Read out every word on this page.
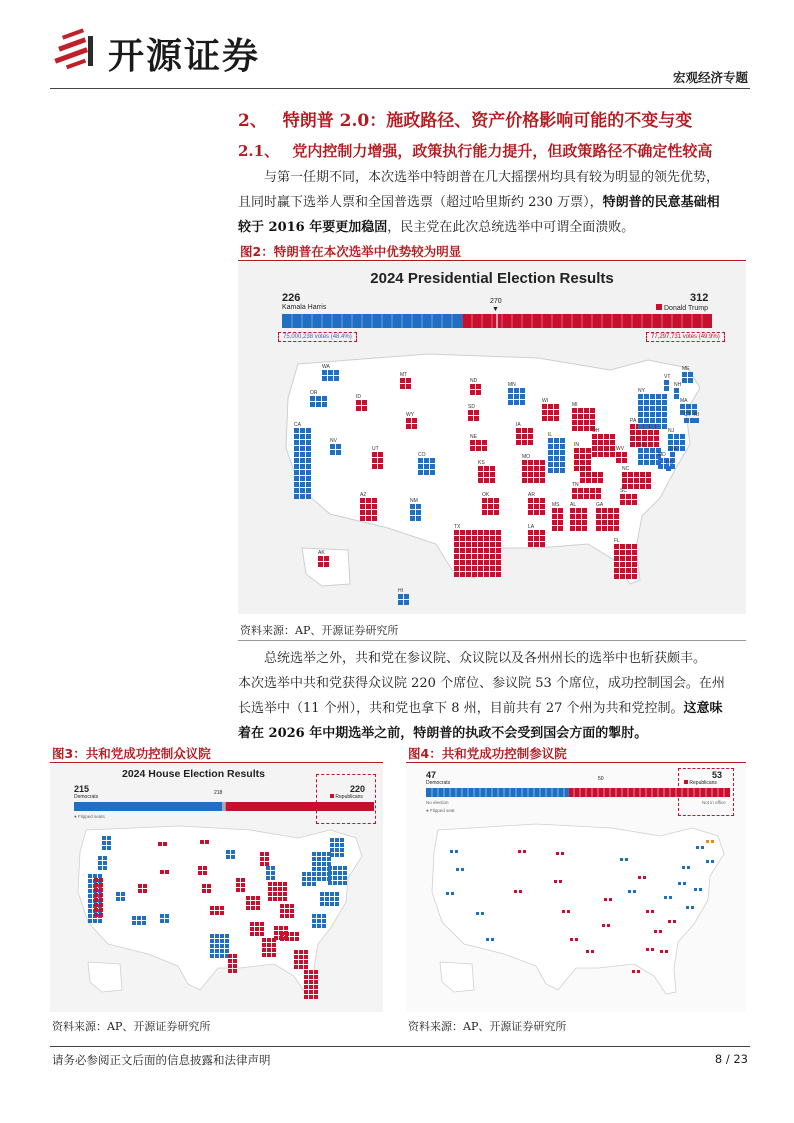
开源证券
宏观经济专题
2、 特朗普 2.0：施政路径、资产价格影响可能的不变与变
2.1、 党内控制力增强，政策执行能力提升，但政策路径不确定性较高
与第一任期不同，本次选举中特朗普在几大摇摆州均具有较为明显的领先优势，
且同时赢下选举人票和全国普选票（超过哈里斯约 230 万票），特朗普的民意基础相
较于 2016 年要更加稳固，民主党在此次总统选举中可谓全面溃败。
图2：特朗普在本次选举中优势较为明显
2024 Presidential Election Results
226
Kamala Harris
270
▼
312
Donald Trump
75,000,238 votes (48.4%)	77,297,731 votes (49.9%)
WA
OR
CA
NV
ID
MT
WY
UT
AZ
CO
NM
ND
SD
NE
KS
OK
TX
MN
IA
MO
AR
LA
WI
IL
MI
IN
OH
KY
TN
MS AL	GA
FL
SC
NC
VA
WV
PA
NY
ME
VT
NH
MA
RI
CT
NJ
DE
MD
DC
AK
HI
资料来源：AP、开源证券研究所
总统选举之外，共和党在参议院、众议院以及各州州长的选举中也斩获颇丰。
本次选举中共和党获得众议院 220 个席位、参议院 53 个席位，成功控制国会。在州
长选举中（11 个州），共和党也拿下 8 州，目前共有 27 个州为共和党控制。这意味
着在 2026 年中期选举之前，特朗普的执政不会受到国会方面的掣肘。
图3：共和党成功控制众议院
2024 House Election Results
215
Democrats
218	220
Republicans
● Flipped seats
资料来源：AP、开源证券研究所
图4：共和党成功控制参议院
47
Democrats
50	53
Republicans
No election	Not in office
● Flipped seat
资料来源：AP、开源证券研究所
请务必参阅正文后面的信息披露和法律声明	8 / 23
